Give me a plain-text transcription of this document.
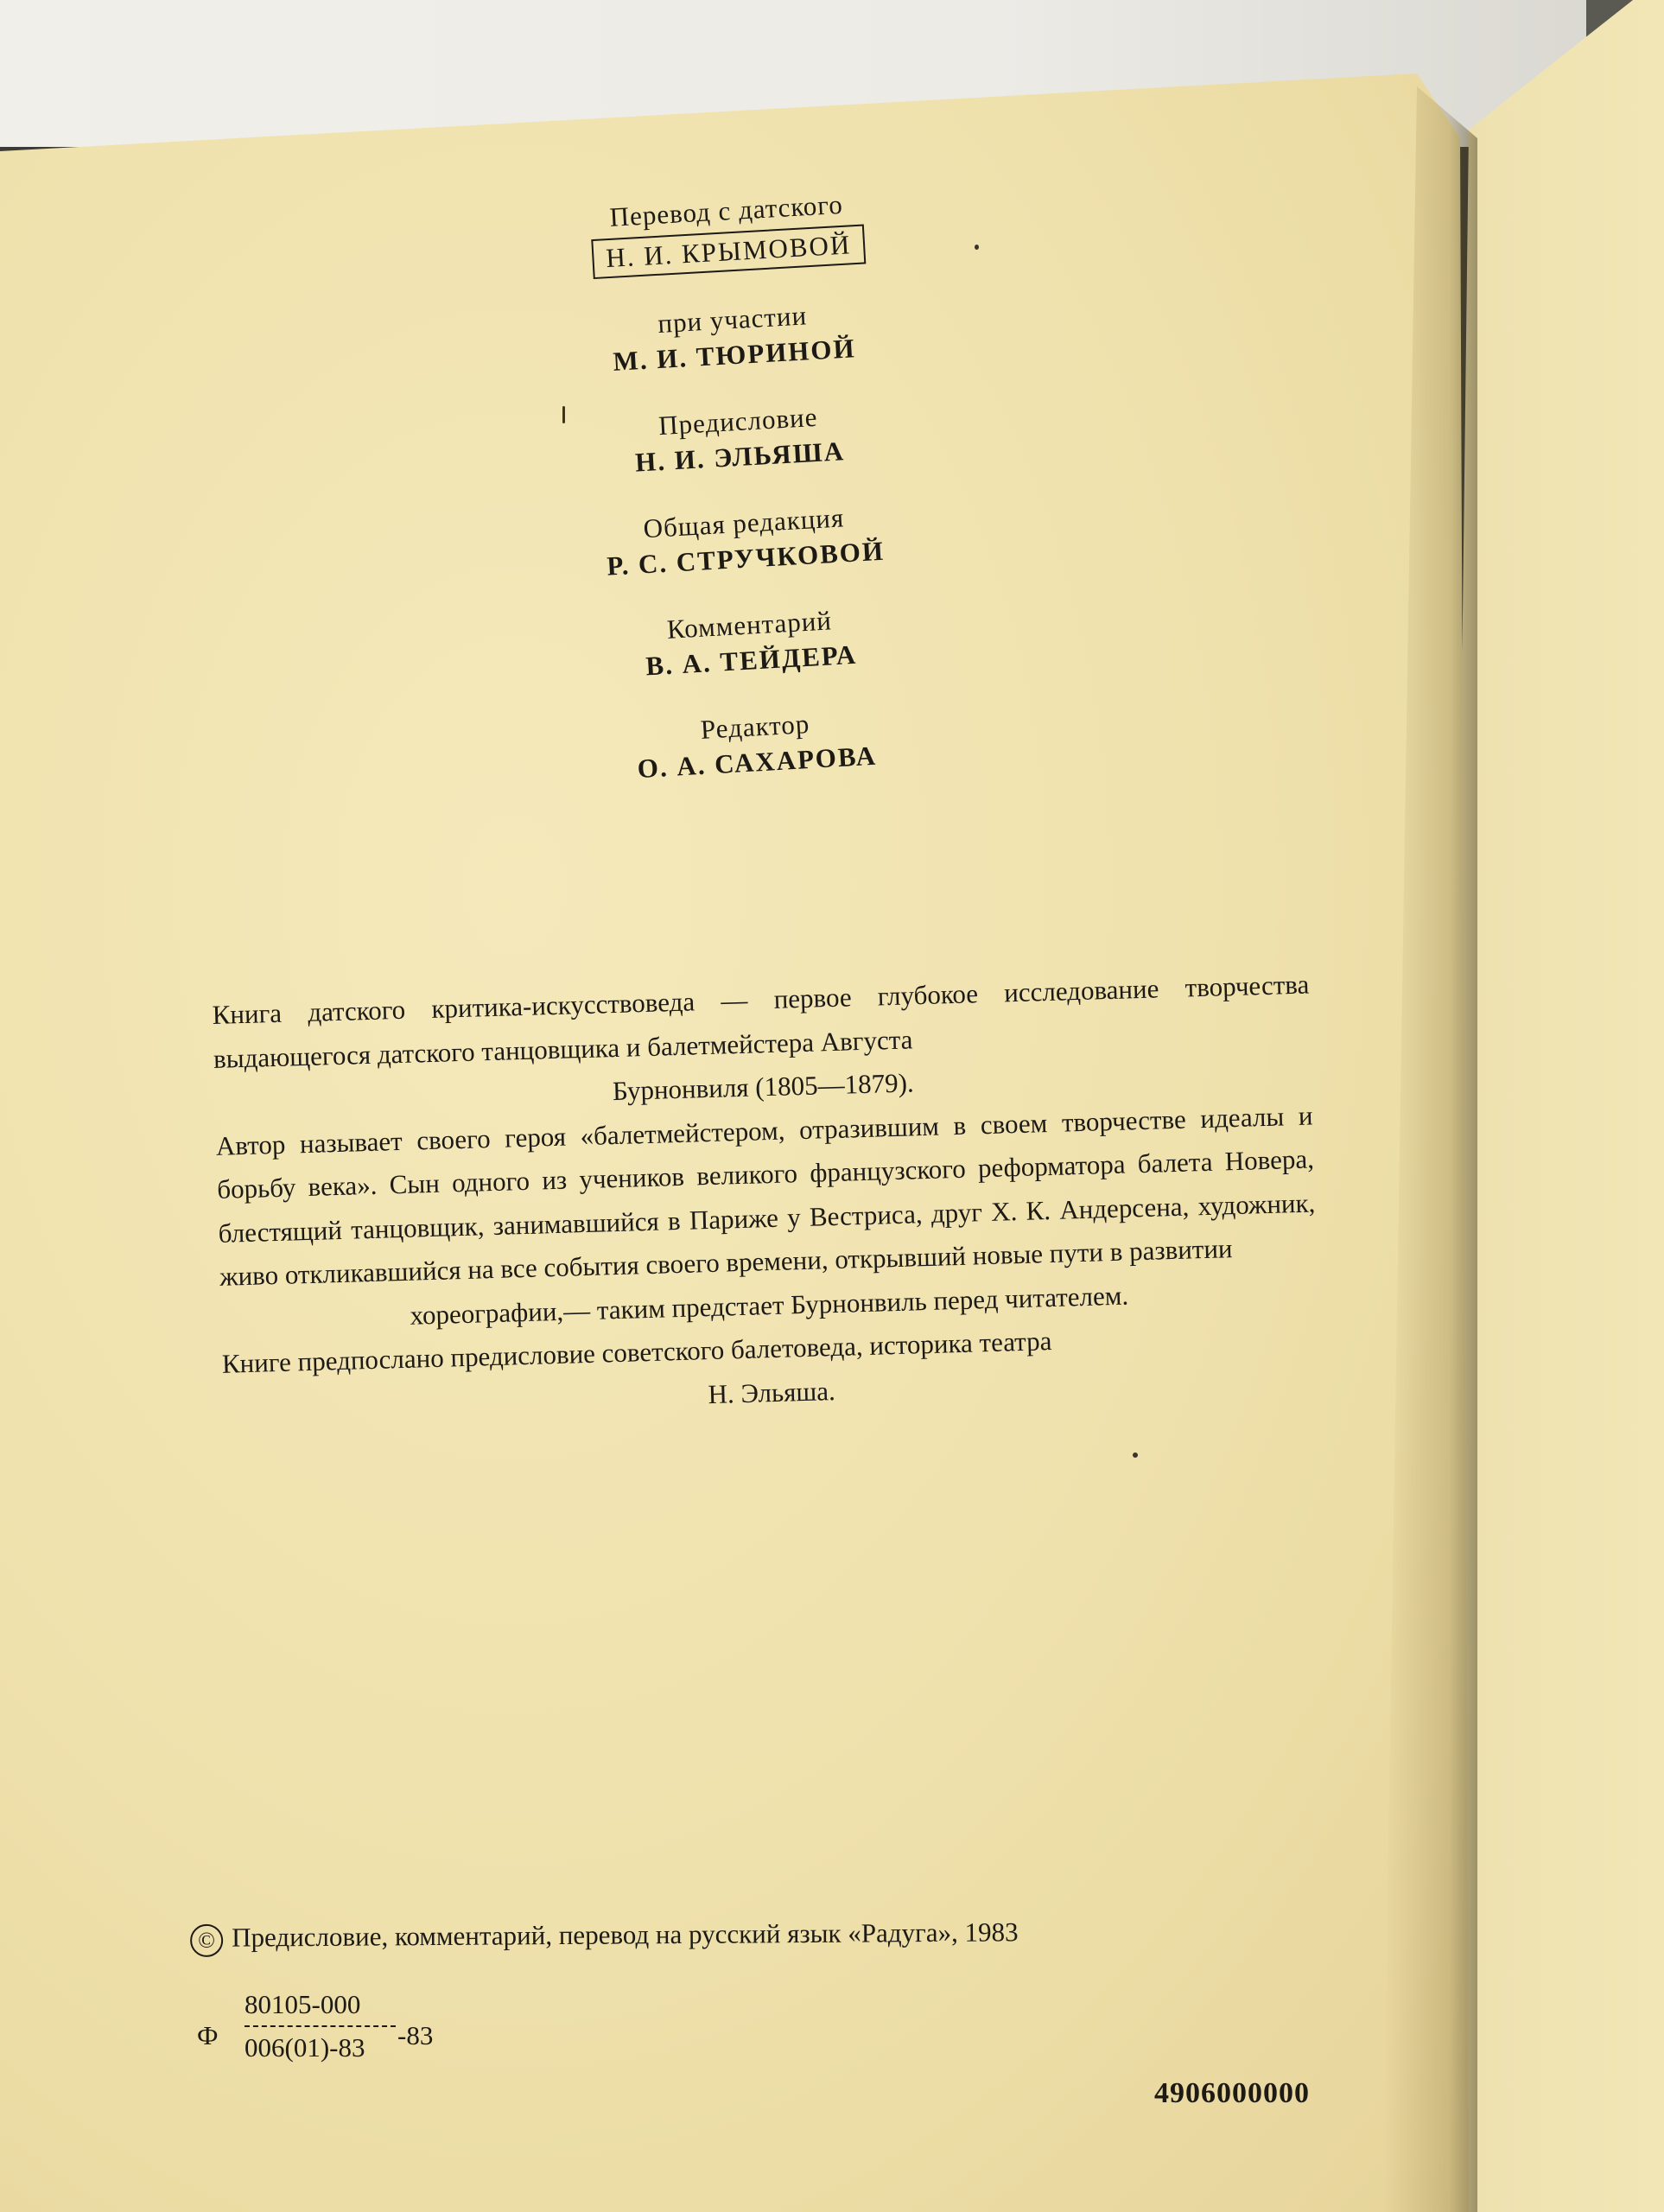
Перевод с датского
Н. И. КРЫМОВОЙ
при участии
М. И. ТЮРИНОЙ
Предисловие
Н. И. ЭЛЬЯША
Общая редакция
Р. С. СТРУЧКОВОЙ
Комментарий
В. А. ТЕЙДЕРА
Редактор
О. А. САХАРОВА

Книга датского критика-искусствоведа — первое глубокое исследование творчества выдающегося датского танцовщика и балетмейстера Августа

Бурнонвиля (1805—1879).

Автор называет своего героя «балетмейстером, отразившим в своем творчестве идеалы и борьбу века». Сын одного из учеников великого французского реформатора балета Новера, блестящий танцовщик, занимавшийся в Париже у Вестриса, друг Х. К. Андерсена, художник, живо откликавшийся на все события своего времени, открывший новые пути в развитии

хореографии,— таким предстает Бурнонвиль перед читателем.

Книге предпослано предисловие советского балетоведа, историка театра

Н. Эльяша.

© Предисловие, комментарий, перевод на русский язык «Радуга», 1983
Ф
80105-000
006(01)-83	-83
4906000000
